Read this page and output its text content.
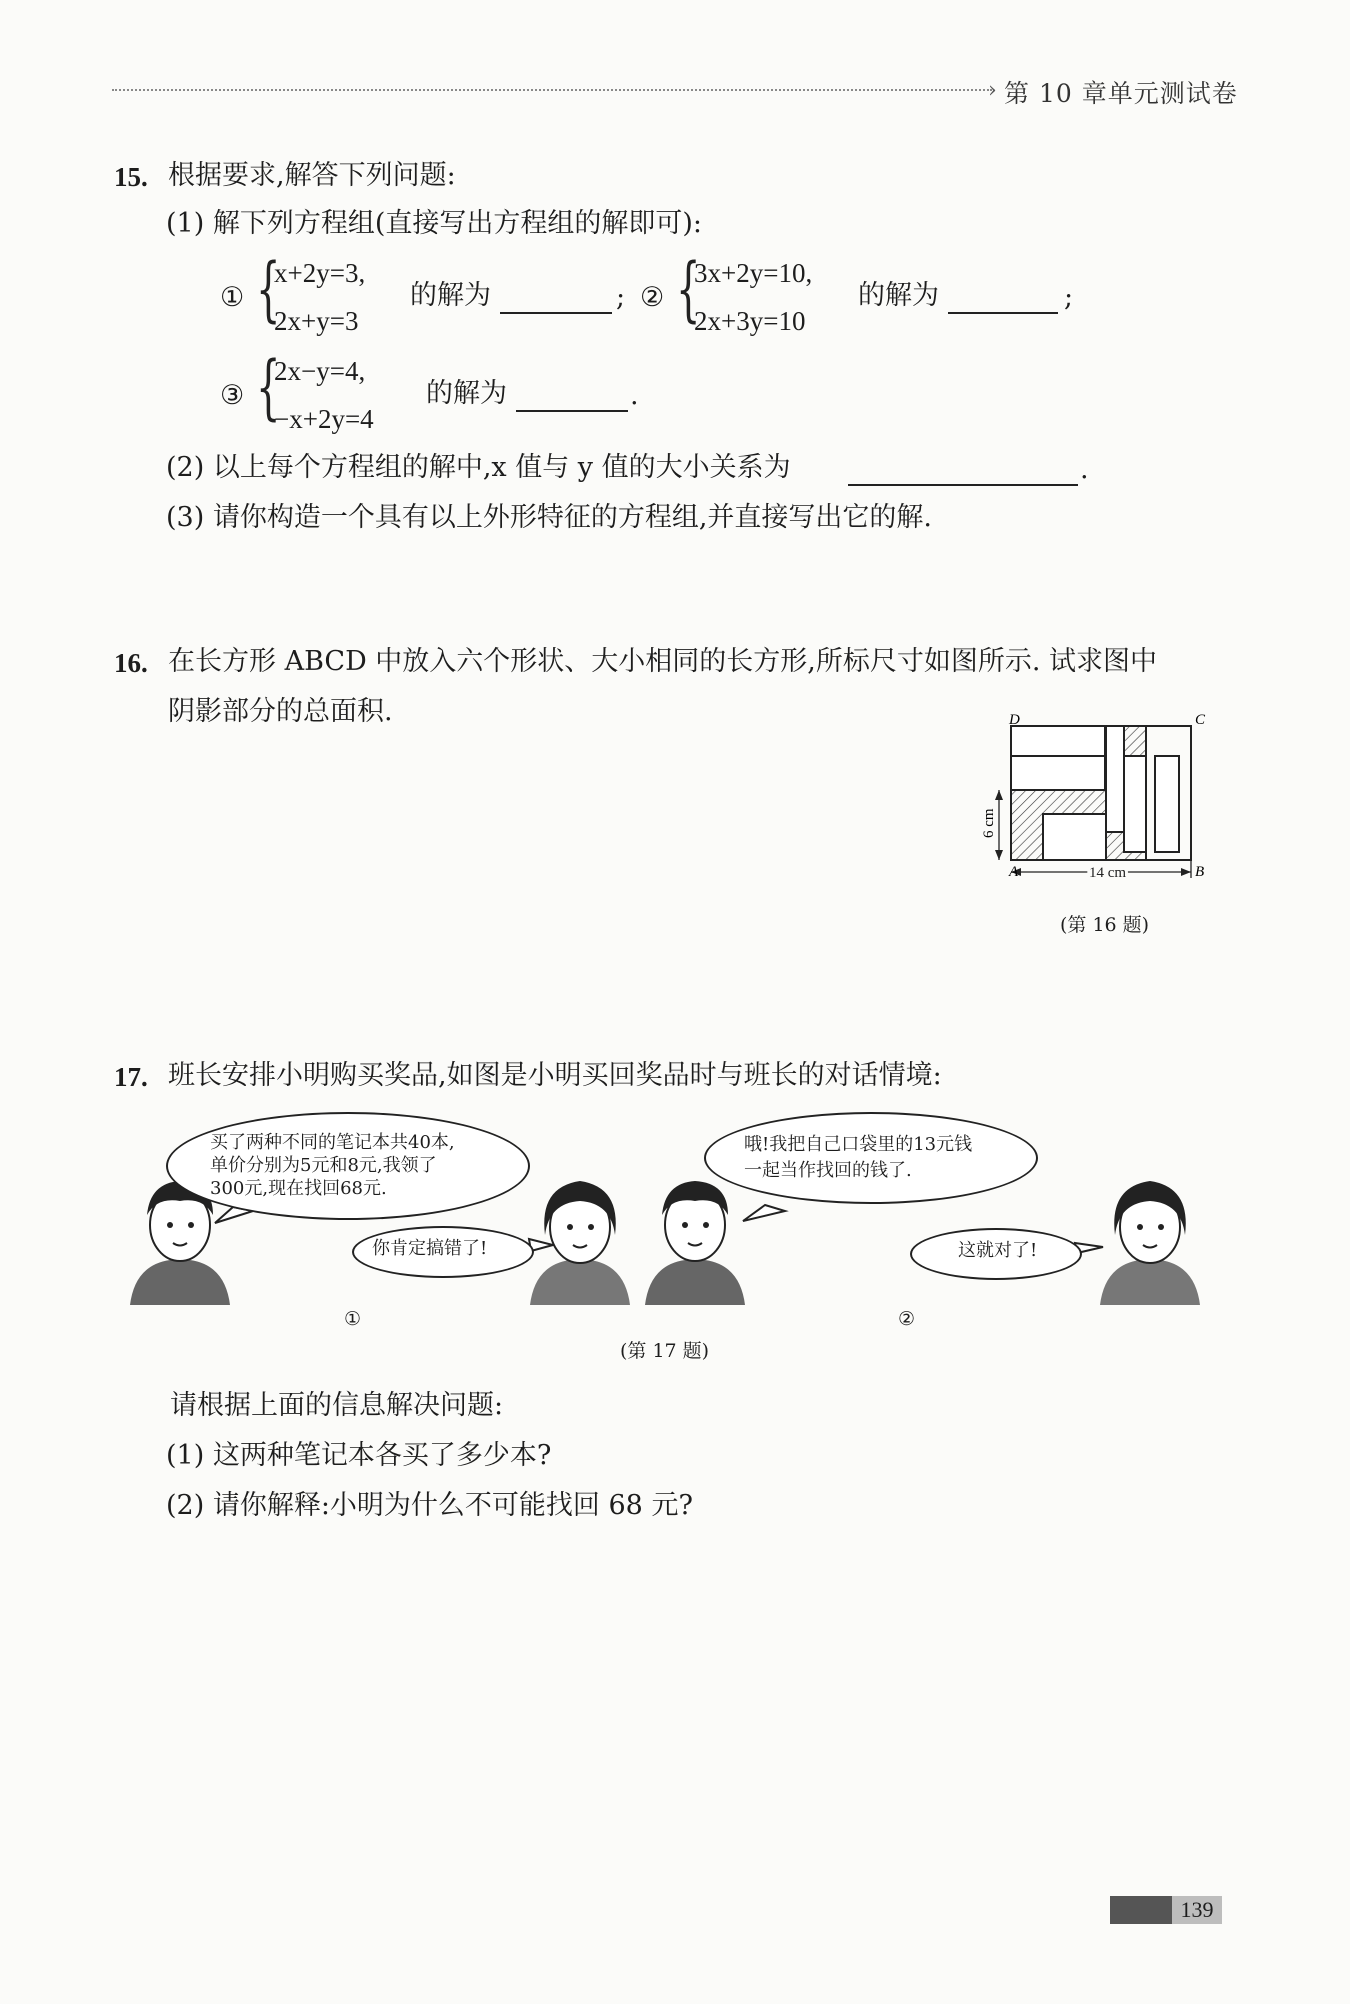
› 第 10 章单元测试卷
15. 根据要求,解答下列问题:
(1) 解下列方程组(直接写出方程组的解即可):
① {
x+2y=3,
2x+y=3
的解为	; ② {
3x+2y=10,
2x+3y=10
的解为	;
③ {
2x−y=4,
−x+2y=4
的解为	.
(2) 以上每个方程组的解中,x 值与 y 值的大小关系为	.
(3) 请你构造一个具有以上外形特征的方程组,并直接写出它的解.
16. 在长方形 ABCD 中放入六个形状、大小相同的长方形,所标尺寸如图所示. 试求图中
阴影部分的总面积.	D	C
A	B
6 cm
14 cm
(第 16 题)
17. 班长安排小明购买奖品,如图是小明买回奖品时与班长的对话情境:
买了两种不同的笔记本共40本,
单价分别为5元和8元,我领了
300元,现在找回68元.
你肯定搞错了!
哦!我把自己口袋里的13元钱
一起当作找回的钱了.
这就对了!
①	②
(第 17 题)
请根据上面的信息解决问题:
(1) 这两种笔记本各买了多少本?
(2) 请你解释:小明为什么不可能找回 68 元?
139
